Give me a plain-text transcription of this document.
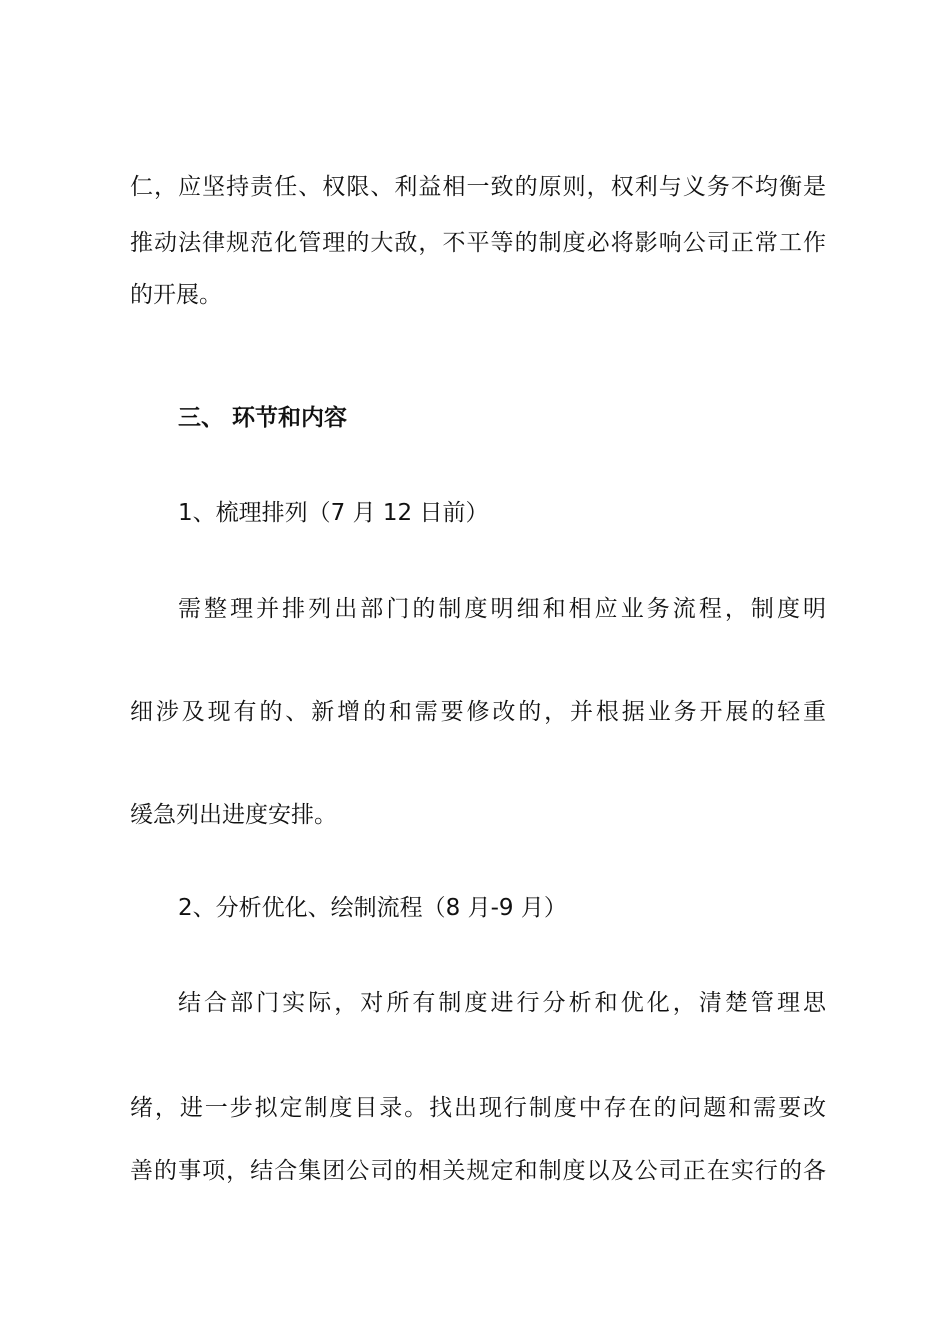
仁，应坚持责任、权限、利益相一致的原则，权利与义务不均衡是
推动法律规范化管理的大敌，不平等的制度必将影响公司正常工作
的开展。
三、 环节和内容
1、梳理排列（7 月 12 日前）
需整理并排列出部门的制度明细和相应业务流程，制度明
细涉及现有的、新增的和需要修改的，并根据业务开展的轻重
缓急列出进度安排。
2、分析优化、绘制流程（8 月-9 月）
结合部门实际，对所有制度进行分析和优化，清楚管理思
绪，进一步拟定制度目录。找出现行制度中存在的问题和需要改
善的事项，结合集团公司的相关规定和制度以及公司正在实行的各
